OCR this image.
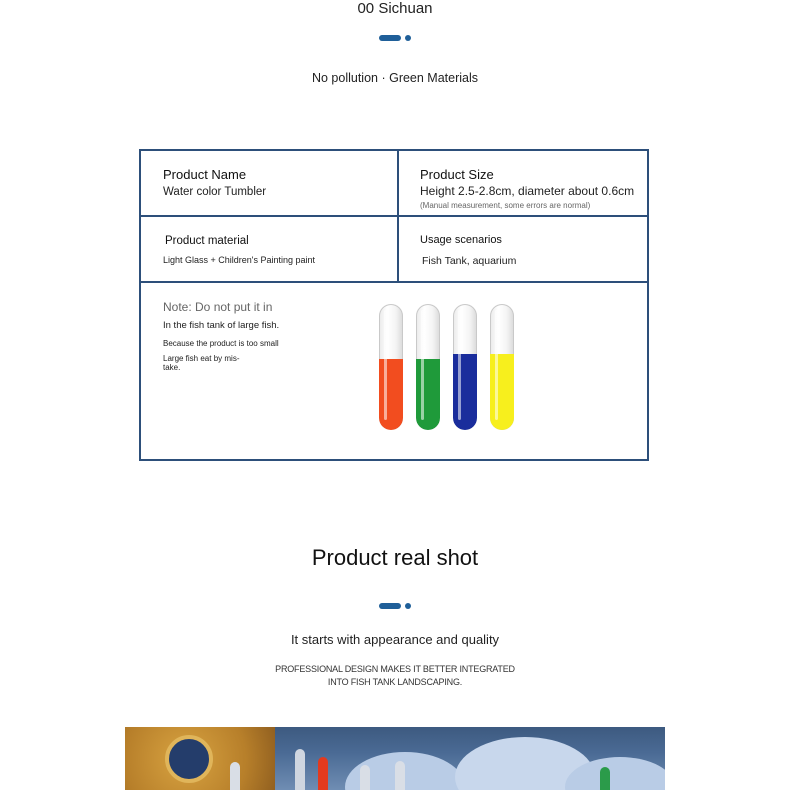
00 Sichuan
No pollution · Green Materials
Product Name
Water color Tumbler
Product Size
Height 2.5-2.8cm, diameter about 0.6cm
(Manual measurement, some errors are normal)
Product material
Light Glass + Children's Painting paint
Usage scenarios
Fish Tank, aquarium
Note: Do not put it in
In the fish tank of large fish.
Because the product is too small
Large fish eat by mis-take.
Product real shot
It starts with appearance and quality
PROFESSIONAL DESIGN MAKES IT BETTER INTEGRATED
INTO FISH TANK LANDSCAPING.
